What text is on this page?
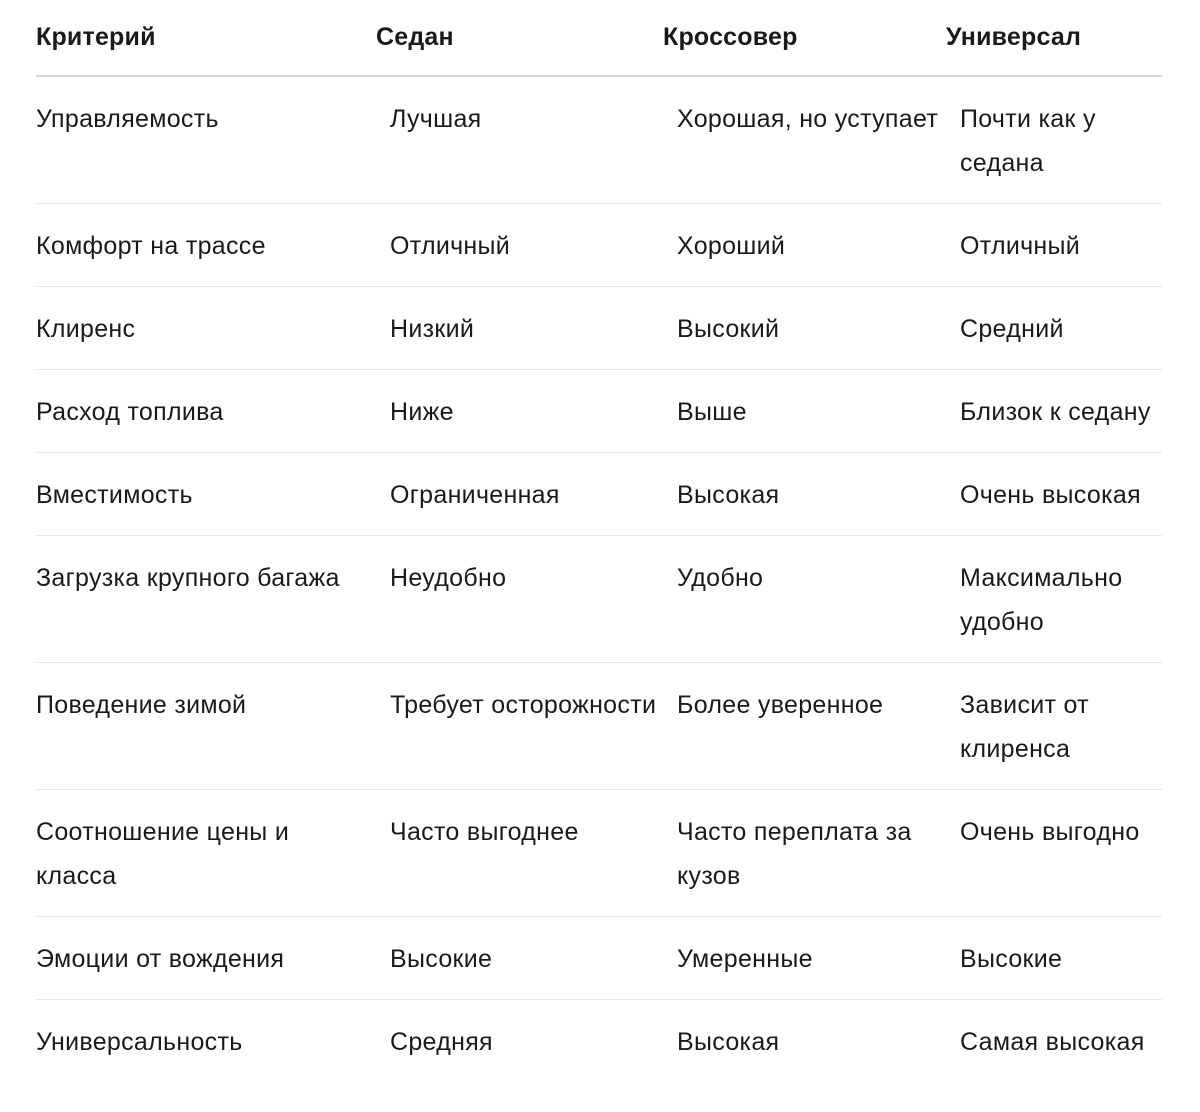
Критерий	Седан	Кроссовер	Универсал
Управляемость	Лучшая	Хорошая, но уступает	Почти как у седана
Комфорт на трассе	Отличный	Хороший	Отличный
Клиренс	Низкий	Высокий	Средний
Расход топлива	Ниже	Выше	Близок к седану
Вместимость	Ограниченная	Высокая	Очень высокая
Загрузка крупного багажа	Неудобно	Удобно	Максимально удобно
Поведение зимой	Требует осторожности	Более уверенное	Зависит от клиренса
Соотношение цены и класса	Часто выгоднее	Часто переплата за кузов	Очень выгодно
Эмоции от вождения	Высокие	Умеренные	Высокие
Универсальность	Средняя	Высокая	Самая высокая
